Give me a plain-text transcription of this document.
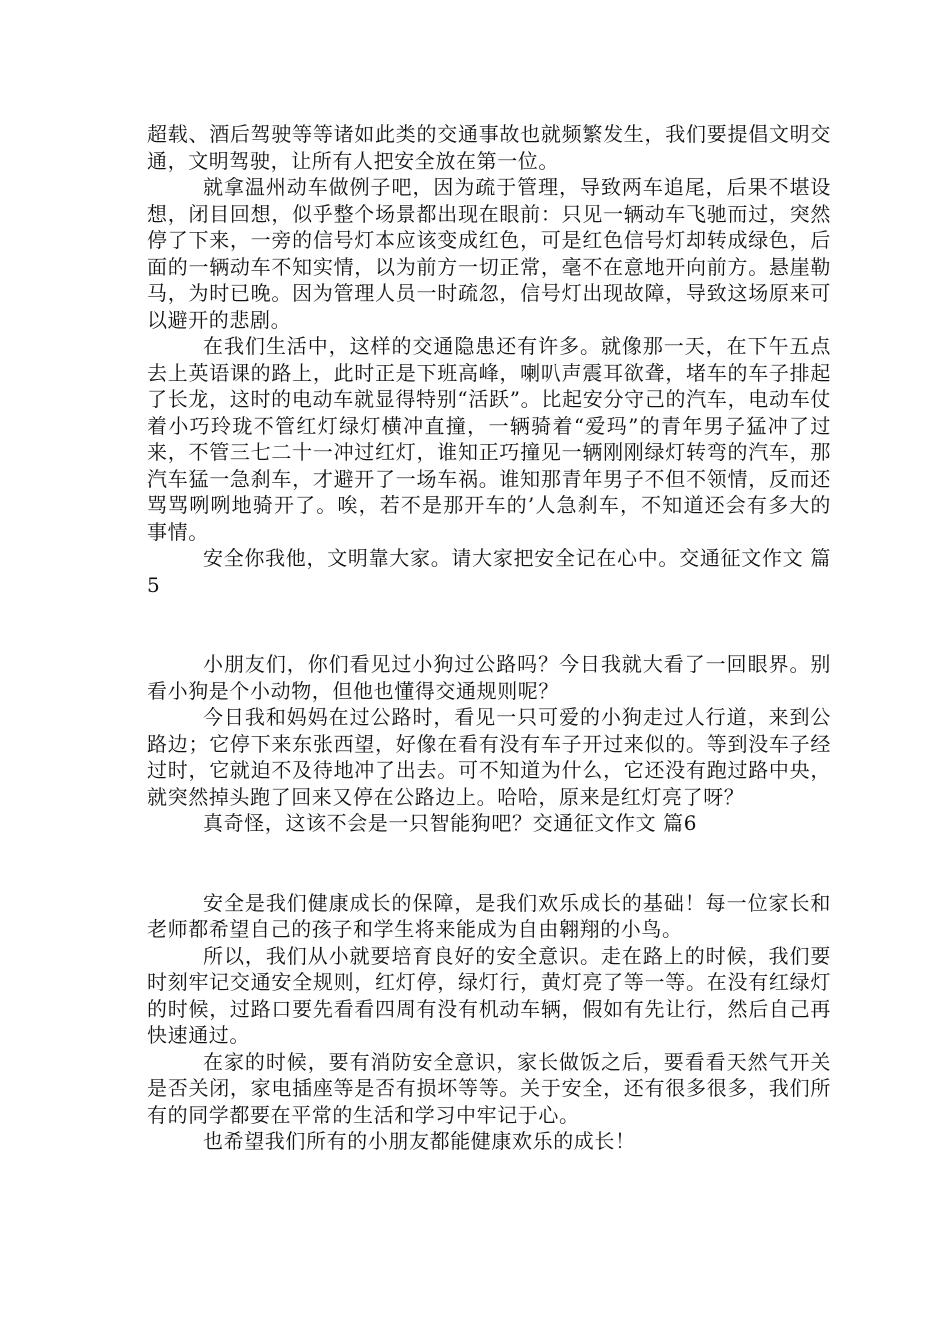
超载、酒后驾驶等等诸如此类的交通事故也就频繁发生，我们要提倡文明交通，文明驾驶，让所有人把安全放在第一位。

就拿温州动车做例子吧，因为疏于管理，导致两车追尾，后果不堪设想，闭目回想，似乎整个场景都出现在眼前：只见一辆动车飞驰而过，突然停了下来，一旁的信号灯本应该变成红色，可是红色信号灯却转成绿色，后面的一辆动车不知实情，以为前方一切正常，毫不在意地开向前方。悬崖勒马，为时已晚。因为管理人员一时疏忽，信号灯出现故障，导致这场原来可以避开的悲剧。

在我们生活中，这样的交通隐患还有许多。就像那一天，在下午五点去上英语课的路上，此时正是下班高峰，喇叭声震耳欲聋，堵车的车子排起了长龙，这时的电动车就显得特别“活跃”。比起安分守己的汽车，电动车仗着小巧玲珑不管红灯绿灯横冲直撞，一辆骑着“爱玛”的青年男子猛冲了过来，不管三七二十一冲过红灯，谁知正巧撞见一辆刚刚绿灯转弯的汽车，那汽车猛一急刹车，才避开了一场车祸。谁知那青年男子不但不领情，反而还骂骂咧咧地骑开了。唉，若不是那开车的’人急刹车，不知道还会有多大的事情。

安全你我他，文明靠大家。请大家把安全记在心中。交通征文作文 篇5

小朋友们，你们看见过小狗过公路吗？今日我就大看了一回眼界。别看小狗是个小动物，但他也懂得交通规则呢？

今日我和妈妈在过公路时，看见一只可爱的小狗走过人行道，来到公路边；它停下来东张西望，好像在看有没有车子开过来似的。等到没车子经过时，它就迫不及待地冲了出去。可不知道为什么，它还没有跑过路中央，就突然掉头跑了回来又停在公路边上。哈哈，原来是红灯亮了呀？

真奇怪，这该不会是一只智能狗吧？交通征文作文 篇6

安全是我们健康成长的保障，是我们欢乐成长的基础！每一位家长和老师都希望自己的孩子和学生将来能成为自由翱翔的小鸟。

所以，我们从小就要培育良好的安全意识。走在路上的时候，我们要时刻牢记交通安全规则，红灯停，绿灯行，黄灯亮了等一等。在没有红绿灯的时候，过路口要先看看四周有没有机动车辆，假如有先让行，然后自己再快速通过。

在家的时候，要有消防安全意识，家长做饭之后，要看看天然气开关是否关闭，家电插座等是否有损坏等等。关于安全，还有很多很多，我们所有的同学都要在平常的生活和学习中牢记于心。

也希望我们所有的小朋友都能健康欢乐的成长！
